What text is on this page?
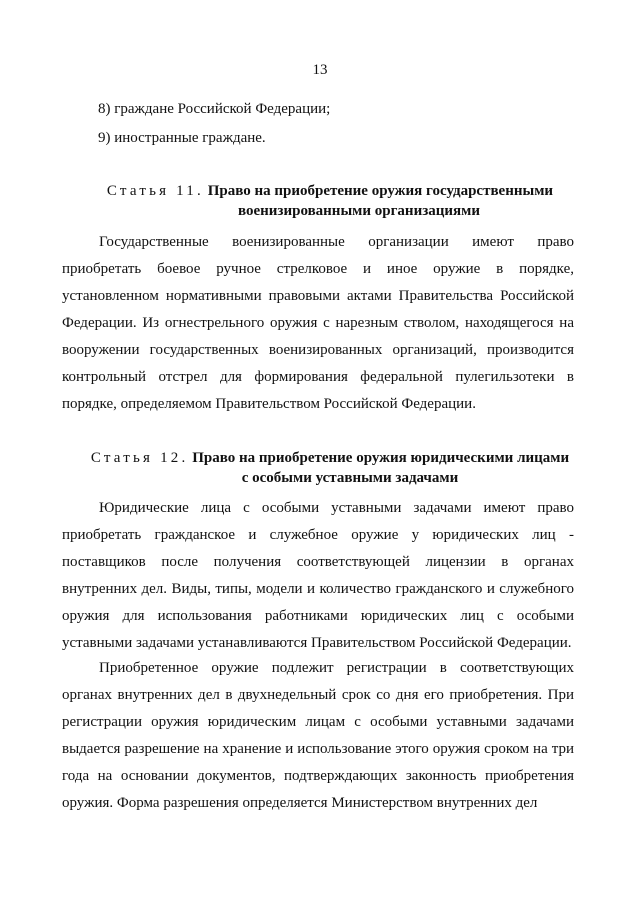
13
8) граждане Российской Федерации;
9) иностранные граждане.
Статья 11. Право на приобретение оружия государственными
военизированными организациями

Государственные военизированные организации имеют право приобретать боевое ручное стрелковое и иное оружие в порядке, установленном нормативными правовыми актами Правительства Российской Федерации. Из огнестрельного оружия с нарезным стволом, находящегося на вооружении государственных военизированных организаций, производится контрольный отстрел для формирования федеральной пулегильзотеки в порядке, определяемом Правительством Российской Федерации.

Статья 12. Право на приобретение оружия юридическими лицами
с особыми уставными задачами

Юридические лица с особыми уставными задачами имеют право приобретать гражданское и служебное оружие у юридических лиц - поставщиков после получения соответствующей лицензии в органах внутренних дел. Виды, типы, модели и количество гражданского и служебного оружия для использования работниками юридических лиц с особыми уставными задачами устанавливаются Правительством Российской Федерации.

Приобретенное оружие подлежит регистрации в соответствующих органах внутренних дел в двухнедельный срок со дня его приобретения. При регистрации оружия юридическим лицам с особыми уставными задачами выдается разрешение на хранение и использование этого оружия сроком на три года на основании документов, подтверждающих законность приобретения оружия. Форма разрешения определяется Министерством внутренних дел
